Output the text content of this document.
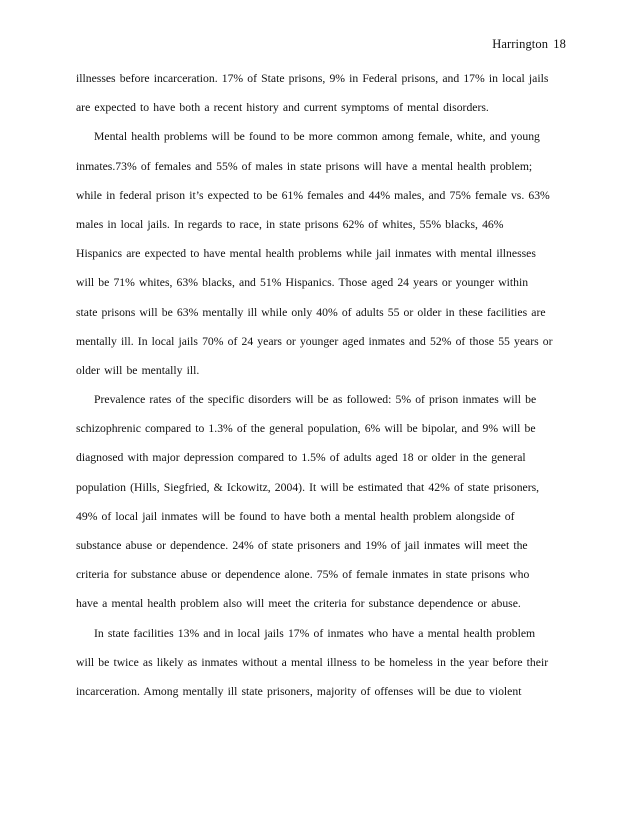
Harrington 18
illnesses before incarceration. 17% of State prisons, 9% in Federal prisons, and 17% in local jails
are expected to have both a recent history and current symptoms of mental disorders.
Mental health problems will be found to be more common among female, white, and young
inmates.73% of females and 55% of males in state prisons will have a mental health problem;
while in federal prison it’s expected to be 61% females and 44% males, and 75% female vs. 63%
males in local jails. In regards to race, in state prisons 62% of whites, 55% blacks, 46%
Hispanics are expected to have mental health problems while jail inmates with mental illnesses
will be 71% whites, 63% blacks, and 51% Hispanics. Those aged 24 years or younger within
state prisons will be 63% mentally ill while only 40% of adults 55 or older in these facilities are
mentally ill. In local jails 70% of 24 years or younger aged inmates and 52% of those 55 years or
older will be mentally ill.
Prevalence rates of the specific disorders will be as followed: 5% of prison inmates will be
schizophrenic compared to 1.3% of the general population, 6% will be bipolar, and 9% will be
diagnosed with major depression compared to 1.5% of adults aged 18 or older in the general
population (Hills, Siegfried, & Ickowitz, 2004). It will be estimated that 42% of state prisoners,
49% of local jail inmates will be found to have both a mental health problem alongside of
substance abuse or dependence. 24% of state prisoners and 19% of jail inmates will meet the
criteria for substance abuse or dependence alone. 75% of female inmates in state prisons who
have a mental health problem also will meet the criteria for substance dependence or abuse.
In state facilities 13% and in local jails 17% of inmates who have a mental health problem
will be twice as likely as inmates without a mental illness to be homeless in the year before their
incarceration. Among mentally ill state prisoners, majority of offenses will be due to violent
